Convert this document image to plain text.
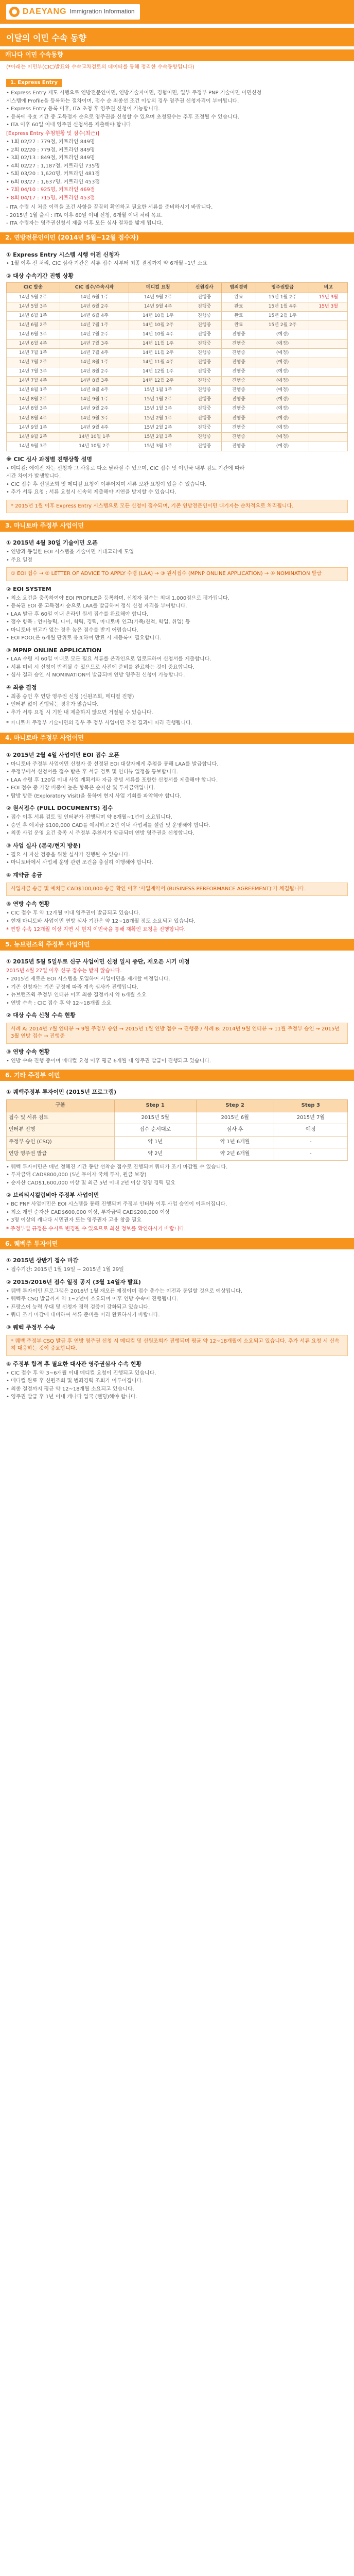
DAEYANG Immigration Information
이달의 이민 수속 동향
캐나다 이민 수속동향
(*아래는 이민부(CIC)발표와 수속교차검토의 데이터를 통해 정리한 수속동향입니다)
1. Express Entry
• Express Entry 제도 시행으로 연방전문인이민, 연방기술자이민, 경험이민, 일부 주정부 PNP 기술이민 이민신청
시스템에 Profile을 등록하는 절차이며, 점수 순 최종선 조건 이상의 경우 영주권 신청자격이 부여됩니다.
• Express Entry 등록 이후, ITA 초청 후 영주권 신청이 가능합니다.
• 등록에 유효 기간 중 고득점자 순으로 영주권을 신청할 수 있으며 초청횟수는 추후 조정될 수 있습니다.
• ITA 이후 60일 이내 영주권 신청서를 제출해야 합니다.

[Express Entry 추첨현황 및 점수(최근)]

• 1회 02/27 : 779점, 커트라인 849명
• 2회 02/20 : 779점, 커트라인 849명
• 3회 02/13 : 849점, 커트라인 849명
• 4회 02/27 : 1,187점, 커트라인 735명
• 5회 03/20 : 1,620명, 커트라인 481점
• 6회 03/27 : 1,637명, 커트라인 453점
• 7회 04/10 : 925명, 커트라인 469점
• 8회 04/17 : 715명, 커트라인 453점
- ITA 수령 시 처음 이력을 조건 사항을 꼼꼼히 확인하고 필요한 서류를 준비하시기 바랍니다.
- 2015년 1월 출시 : ITA 이후 60일 이내 신청, 6개월 이내 처리 목표.
- ITA 수령자는 영주권신청서 제출 이후 모든 심사 절차를 밟게 됩니다.
2. 연방전문인이민 (2014년 5월~12월 접수자)
① Express Entry 시스템 시행 이전 신청자

• 1월 이후 전 처리, CIC 심사 기간은 서류 접수 시부터 최종 결정까지 약 6개월~1년 소요

② 대상 수속기간 진행 상황
CIC 발송	CIC 접수/수속시작	메디컬 요청	신원검사	범죄경력	영주권발급	비고
14년 5월 2주	14년 6월 1주	14년 9월 2주	진행중	완료	15년 1월 2주	15년 3월
14년 5월 3주	14년 6월 2주	14년 9월 4주	진행중	완료	15년 1월 4주	15년 3월
14년 6월 1주	14년 6월 4주	14년 10월 1주	진행중	완료	15년 2월 1주	
14년 6월 2주	14년 7월 1주	14년 10월 2주	진행중	완료	15년 2월 2주	
14년 6월 3주	14년 7월 2주	14년 10월 4주	진행중	진행중	(예정)	
14년 6월 4주	14년 7월 3주	14년 11월 1주	진행중	진행중	(예정)	
14년 7월 1주	14년 7월 4주	14년 11월 2주	진행중	진행중	(예정)	
14년 7월 2주	14년 8월 1주	14년 11월 4주	진행중	진행중	(예정)	
14년 7월 3주	14년 8월 2주	14년 12월 1주	진행중	진행중	(예정)	
14년 7월 4주	14년 8월 3주	14년 12월 2주	진행중	진행중	(예정)	
14년 8월 1주	14년 8월 4주	15년 1월 1주	진행중	진행중	(예정)	
14년 8월 2주	14년 9월 1주	15년 1월 2주	진행중	진행중	(예정)	
14년 8월 3주	14년 9월 2주	15년 1월 3주	진행중	진행중	(예정)	
14년 8월 4주	14년 9월 3주	15년 2월 1주	진행중	진행중	(예정)	
14년 9월 1주	14년 9월 4주	15년 2월 2주	진행중	진행중	(예정)	
14년 9월 2주	14년 10월 1주	15년 2월 3주	진행중	진행중	(예정)	
14년 9월 3주	14년 10월 2주	15년 3월 1주	진행중	진행중	(예정)	
※ CIC 심사 과정별 진행상황 설명
• 메디컬: 에이전 자는 신청자 그 사유로 다소 달라질 수 있으며, CIC 접수 및 이민국 내부 검토 기간에 따라
시간 차이가 발생합니다.
• CIC 접수 후 신원조회 및 메디컬 요청이 이루어지며 서류 보완 요청이 있을 수 있습니다.
• 추가 서류 요청 : 서류 요청시 신속히 제출해야 지연을 방지할 수 있습니다.
* 2015년 1월 이후 Express Entry 시스템으로 모든 신청이 접수되며, 기존 연방전문인이민 대기자는 순차적으로 처리됩니다.
3. 마니토바 주정부 사업이민
① 2015년 4월 30일 기술이민 오픈
• 연방과 동일한 EOI 시스템을 기술이민 카테고리에 도입
• 주요 일정
① EOI 접수 → ② LETTER OF ADVICE TO APPLY 수령 (LAA) → ③ 원서접수 (MPNP ONLINE APPLICATION) → ④ NOMINATION 발급
② EOI SYSTEM
• 최소 요건을 충족하여야 EOI PROFILE을 등록하며, 신청자 점수는 최대 1,000점으로 평가됩니다.
• 등록된 EOI 중 고득점자 순으로 LAA를 발급하여 정식 신청 자격을 부여합니다.
• LAA 발급 후 60일 이내 온라인 원서 접수를 완료해야 합니다.
• 점수 항목 : 언어능력, 나이, 학력, 경력, 마니토바 연고(가족/친척, 학업, 취업) 등
• 마니토바 연고가 없는 경우 높은 점수를 받기 어렵습니다.
• EOI POOL은 6개월 단위로 유효하며 만료 시 재등록이 필요합니다.
③ MPNP ONLINE APPLICATION
• LAA 수령 시 60일 이내로 모든 필요 서류를 온라인으로 업로드하여 신청서를 제출합니다.
• 서류 미비 시 신청이 반려될 수 있으므로 사전에 준비를 완료하는 것이 중요합니다.
• 심사 결과 승인 시 NOMINATION이 발급되며 연방 영주권 신청이 가능합니다.
④ 최종 결정
• 최종 승인 후 연방 영주권 신청 (신원조회, 메디컬 진행)
• 인터뷰 없이 진행되는 경우가 많습니다.
• 추가 서류 요청 시 기한 내 제출하지 않으면 거절될 수 있습니다.

* 마니토바 주정부 기술이민의 경우 주 정부 사업이민 추첨 결과에 따라 진행됩니다.

4. 마니토바 주정부 사업이민
① 2015년 2월 4일 사업이민 EOI 접수 오픈
• 마니토바 주정부 사업이민 신청자 중 선정된 EOI 대상자에게 추첨을 통해 LAA를 발급합니다.
• 주정부에서 신청서를 접수 받은 후 서류 검토 및 인터뷰 일정을 통보합니다.
• LAA 수령 후 120일 이내 사업 계획서와 자금 증빙 서류를 포함한 신청서를 제출해야 합니다.
• EOI 점수 중 가장 비중이 높은 항목은 순자산 및 투자금액입니다.
• 탐방 방문 (Exploratory Visit)을 통하여 현지 사업 기회를 파악해야 합니다.
② 원서접수 (FULL DOCUMENTS) 접수
• 접수 이후 서류 검토 및 인터뷰가 진행되며 약 6개월~1년이 소요됩니다.
• 승인 후 예치금 $100,000 CAD를 예치하고 2년 이내 사업체를 설립 및 운영해야 합니다.
• 최종 사업 운영 요건 충족 시 주정부 추천서가 발급되며 연방 영주권을 신청합니다.
③ 사업 실사 (본국/현지 방문)
• 필요 시 자산 검증을 위한 실사가 진행될 수 있습니다.
• 마니토바에서 사업체 운영 관련 조건을 충실히 이행해야 합니다.
④ 계약금 송금
사업자금 송금 및 예치금 CAD$100,000 송금 확인 이후 '사업계약서 (BUSINESS PERFORMANCE AGREEMENT)'가 체결됩니다.
⑤ 연방 수속 현황
• CIC 접수 후 약 12개월 이내 영주권이 발급되고 있습니다.
• 현재 마니토바 사업이민 연방 심사 기간은 약 12~18개월 정도 소요되고 있습니다.

* 연방 수속 12개월 이상 지연 시 현지 이민국을 통해 재확인 요청을 진행합니다.

5. 뉴브런즈윅 주정부 사업이민
① 2015년 5월 5일부로 신규 사업이민 신청 일시 중단, 재오픈 시기 미정

2015년 4월 27일 이후 신규 접수는 받지 않습니다.

• 2015년 새로운 EOI 시스템을 도입하여 사업이민을 재개할 예정입니다.
• 기존 신청자는 기존 규정에 따라 계속 심사가 진행됩니다.
• 뉴브런즈윅 주정부 인터뷰 이후 최종 결정까지 약 6개월 소요
• 연방 수속 : CIC 접수 후 약 12~18개월 소요
② 대상 수속 신청 수속 현황
사례 A: 2014년 7월 인터뷰 → 9월 주정부 승인 → 2015년 1월 연방 접수 → 진행중 / 사례 B: 2014년 9월 인터뷰 → 11월 주정부 승인 → 2015년 3월 연방 접수 → 진행중
③ 연방 수속 현황
• 연방 수속 진행 중이며 메디컬 요청 이후 평균 6개월 내 영주권 발급이 진행되고 있습니다.
6. 기타 주정부 이민
① 퀘벡주정부 투자이민 (2015년 프로그램)
구분	Step 1	Step 2	Step 3
접수 및 서류 검토	2015년 5월	2015년 6월	2015년 7월
인터뷰 진행	접수 순서대로	심사 후	예정
주정부 승인 (CSQ)	약 1년	약 1년 6개월	-
연방 영주권 발급	약 2년	약 2년 6개월	-
• 퀘벡 투자이민은 매년 정해진 기간 동안 선착순 접수로 진행되며 쿼터가 조기 마감될 수 있습니다.
• 투자금액 CAD$800,000 (5년 무이자 국채 투자, 원금 보장)
• 순자산 CAD$1,600,000 이상 및 최근 5년 이내 2년 이상 경영 경력 필요
② 브리티시컬럼비아 주정부 사업이민
• BC PNP 사업이민은 EOI 시스템을 통해 진행되며 주정부 인터뷰 이후 사업 승인이 이루어집니다.
• 최소 개인 순자산 CAD$600,000 이상, 투자금액 CAD$200,000 이상
• 3명 이상의 캐나다 시민권자 또는 영주권자 고용 창출 필요

* 주정부별 규정은 수시로 변경될 수 있으므로 최신 정보를 확인하시기 바랍니다.

6. 퀘벡주 투자이민
① 2015년 상반기 접수 마감
• 접수기간: 2015년 1월 19일 ~ 2015년 1월 29일
② 2015/2016년 접수 일정 공지 (3월 14일자 발표)
• 퀘벡 투자이민 프로그램은 2016년 1월 재오픈 예정이며 접수 총수는 이전과 동일할 것으로 예상됩니다.
• 퀘벡주 CSQ 발급까지 약 1~2년이 소요되며 이후 연방 수속이 진행됩니다.
• 프랑스어 능력 우대 및 신청자 경력 검증이 강화되고 있습니다.
• 쿼터 조기 마감에 대비하여 서류 준비를 미리 완료하시기 바랍니다.
③ 퀘벡 주정부 수속
* 퀘벡 주정부 CSQ 발급 후 연방 영주권 신청 시 메디컬 및 신원조회가 진행되며 평균 약 12~18개월이 소요되고 있습니다. 추가 서류 요청 시 신속히 대응하는 것이 중요합니다.
④ 주정부 합격 후 필요한 대사관 영주권심사 수속 현황
• CIC 접수 후 약 3~6개월 이내 메디컬 요청이 진행되고 있습니다.
• 메디컬 완료 후 신원조회 및 범죄경력 조회가 이루어집니다.
• 최종 결정까지 평균 약 12~18개월 소요되고 있습니다.
• 영주권 발급 후 1년 이내 캐나다 입국 (랜딩)해야 합니다.
